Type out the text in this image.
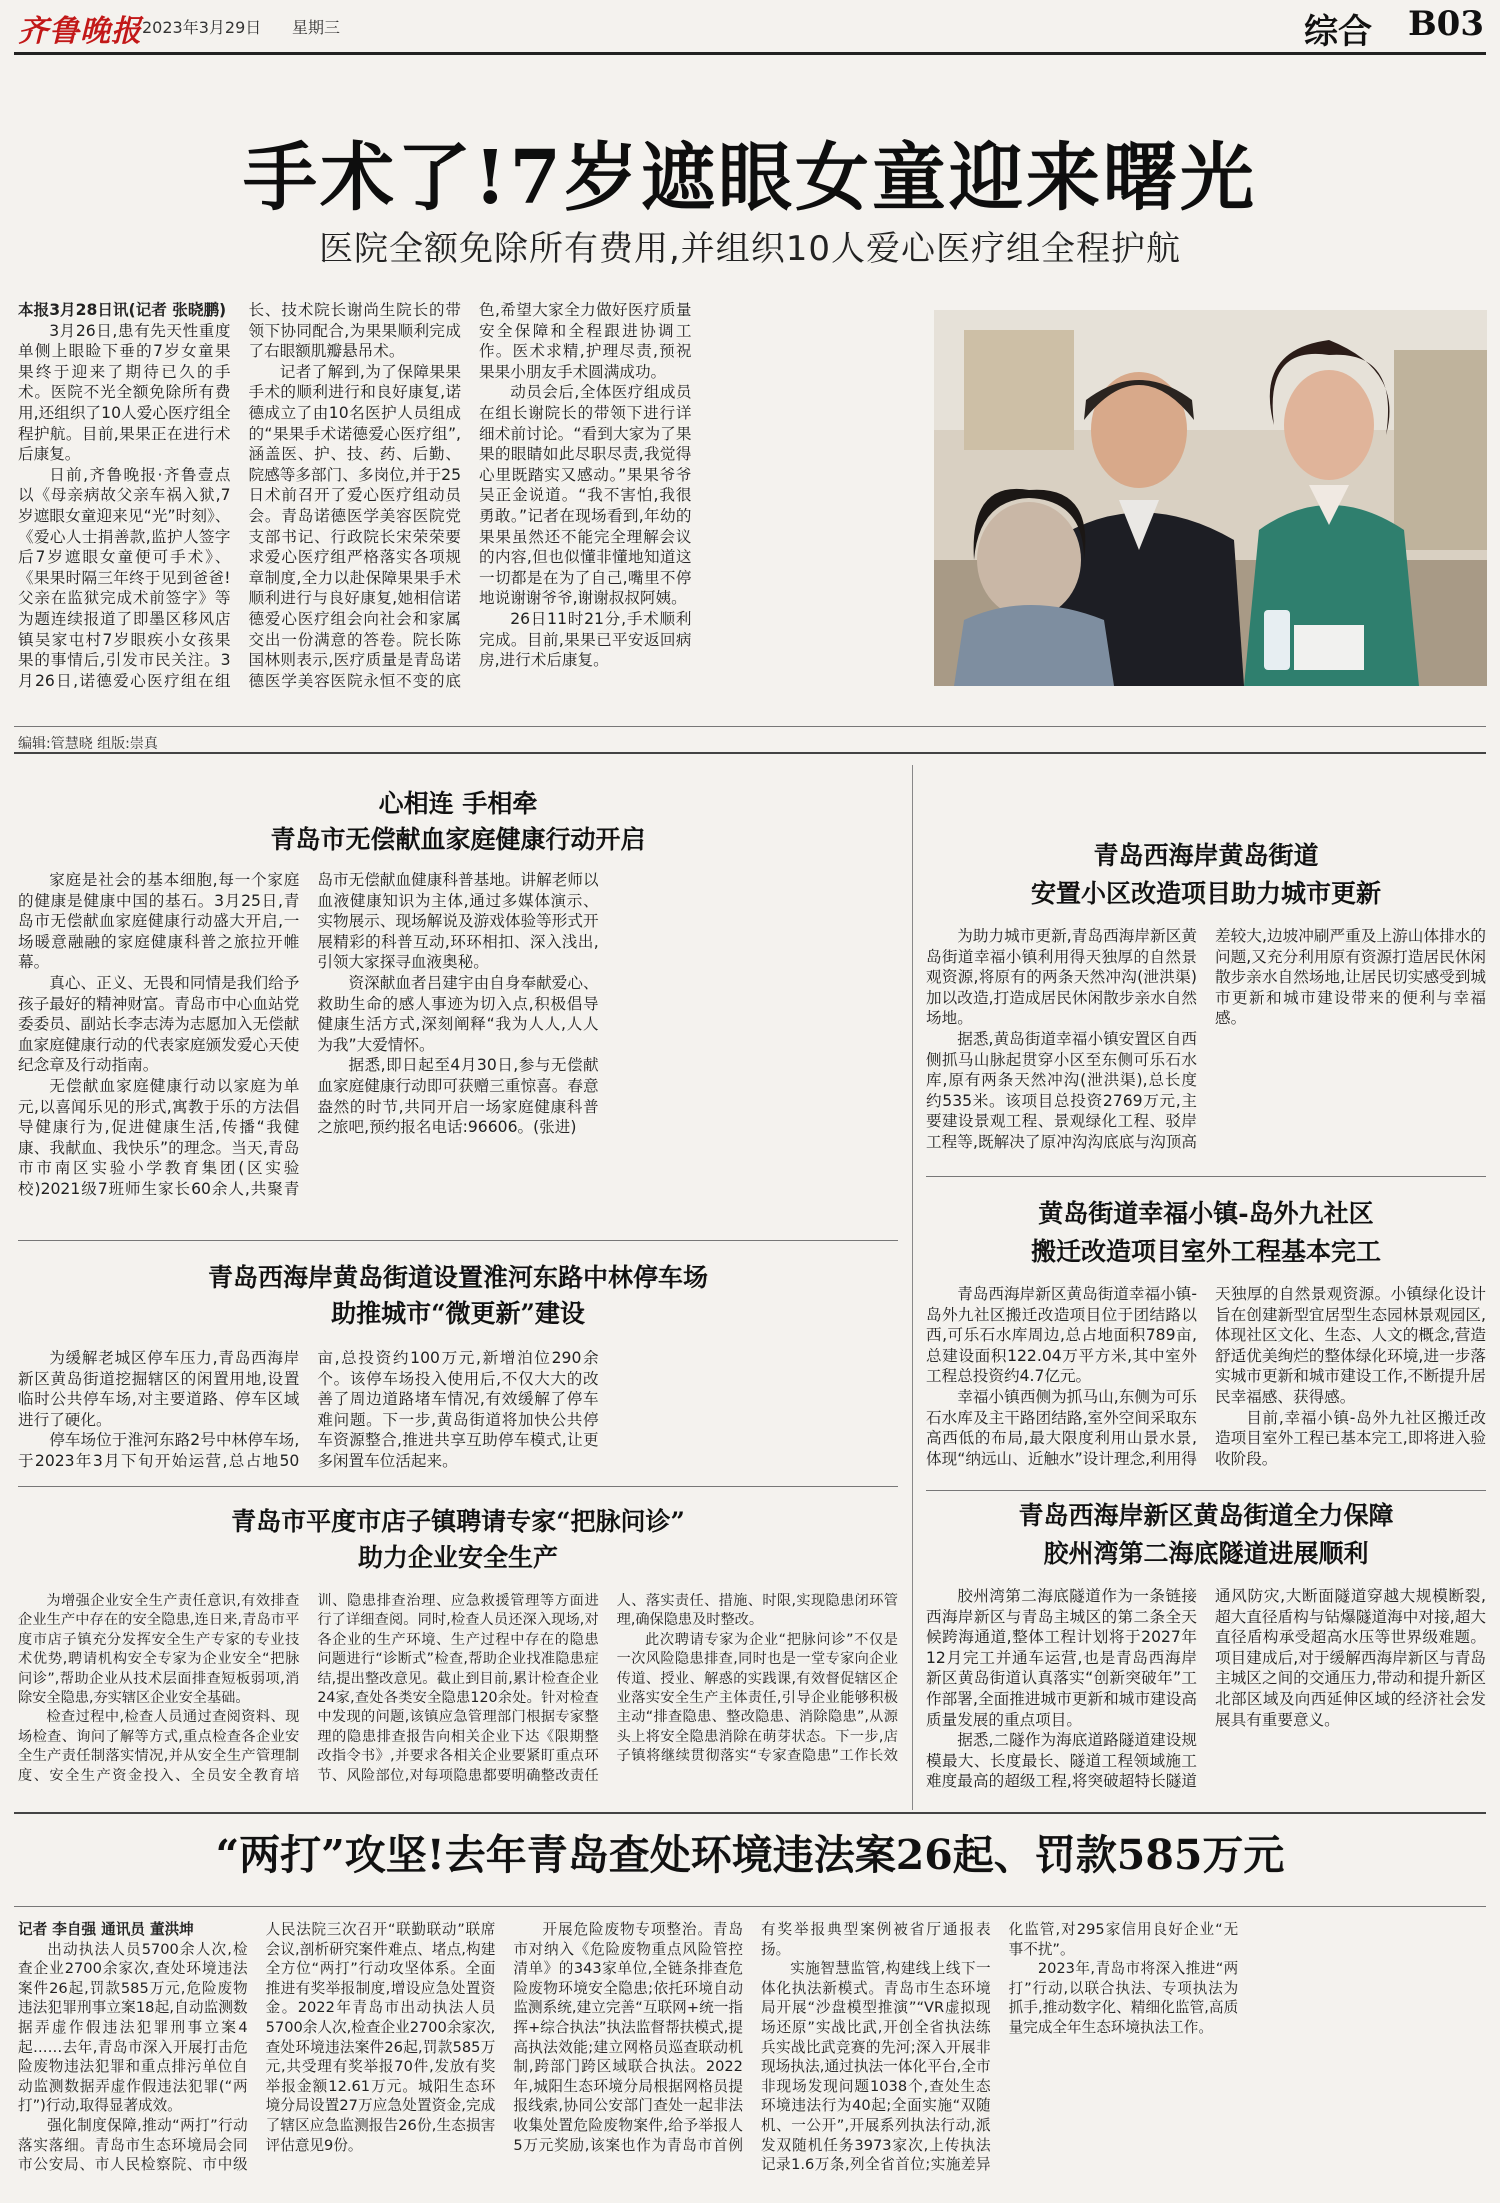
齐鲁晚报 2023年3月29日 星期三	综合 B03
手术了!7岁遮眼女童迎来曙光
医院全额免除所有费用,并组织10人爱心医疗组全程护航

本报3月28日讯(记者 张晓鹏)

3月26日,患有先天性重度单侧上眼睑下垂的7岁女童果果终于迎来了期待已久的手术。医院不光全额免除所有费用,还组织了10人爱心医疗组全程护航。目前,果果正在进行术后康复。

日前,齐鲁晚报·齐鲁壹点以《母亲病故父亲车祸入狱,7岁遮眼女童迎来见“光”时刻》、《爱心人士捐善款,监护人签字后7岁遮眼女童便可手术》、《果果时隔三年终于见到爸爸!父亲在监狱完成术前签字》等为题连续报道了即墨区移风店镇吴家屯村7岁眼疾小女孩果果的事情后,引发市民关注。3月26日,诺德爱心医疗组在组长、技术院长谢尚生院长的带领下协同配合,为果果顺利完成了右眼额肌瓣悬吊术。

记者了解到,为了保障果果手术的顺利进行和良好康复,诺德成立了由10名医护人员组成的“果果手术诺德爱心医疗组”,涵盖医、护、技、药、后勤、院感等多部门、多岗位,并于25日术前召开了爱心医疗组动员会。青岛诺德医学美容医院党支部书记、行政院长宋荣荣要求爱心医疗组严格落实各项规章制度,全力以赴保障果果手术顺利进行与良好康复,她相信诺德爱心医疗组会向社会和家属交出一份满意的答卷。院长陈国林则表示,医疗质量是青岛诺德医学美容医院永恒不变的底色,希望大家全力做好医疗质量安全保障和全程跟进协调工作。医术求精,护理尽责,预祝果果小朋友手术圆满成功。

动员会后,全体医疗组成员在组长谢院长的带领下进行详细术前讨论。“看到大家为了果果的眼睛如此尽职尽责,我觉得心里既踏实又感动。”果果爷爷吴正金说道。“我不害怕,我很勇敢。”记者在现场看到,年幼的果果虽然还不能完全理解会议的内容,但也似懂非懂地知道这一切都是在为了自己,嘴里不停地说谢谢爷爷,谢谢叔叔阿姨。

26日11时21分,手术顺利完成。目前,果果已平安返回病房,进行术后康复。

编辑:管慧晓 组版:崇真
心相连 手相牵
青岛市无偿献血家庭健康行动开启

家庭是社会的基本细胞,每一个家庭的健康是健康中国的基石。3月25日,青岛市无偿献血家庭健康行动盛大开启,一场暖意融融的家庭健康科普之旅拉开帷幕。

真心、正义、无畏和同情是我们给予孩子最好的精神财富。青岛市中心血站党委委员、副站长李志涛为志愿加入无偿献血家庭健康行动的代表家庭颁发爱心天使纪念章及行动指南。

无偿献血家庭健康行动以家庭为单元,以喜闻乐见的形式,寓教于乐的方法倡导健康行为,促进健康生活,传播“我健康、我献血、我快乐”的理念。当天,青岛市市南区实验小学教育集团(区实验校)2021级7班师生家长60余人,共聚青岛市无偿献血健康科普基地。讲解老师以血液健康知识为主体,通过多媒体演示、实物展示、现场解说及游戏体验等形式开展精彩的科普互动,环环相扣、深入浅出,引领大家探寻血液奥秘。

资深献血者吕建宇由自身奉献爱心、救助生命的感人事迹为切入点,积极倡导健康生活方式,深刻阐释“我为人人,人人为我”大爱情怀。

据悉,即日起至4月30日,参与无偿献血家庭健康行动即可获赠三重惊喜。春意盎然的时节,共同开启一场家庭健康科普之旅吧,预约报名电话:96606。(张进)

青岛西海岸黄岛街道设置淮河东路中林停车场
助推城市“微更新”建设

为缓解老城区停车压力,青岛西海岸新区黄岛街道挖掘辖区的闲置用地,设置临时公共停车场,对主要道路、停车区域进行了硬化。

停车场位于淮河东路2号中林停车场,于2023年3月下旬开始运营,总占地50亩,总投资约100万元,新增泊位290余个。该停车场投入使用后,不仅大大的改善了周边道路堵车情况,有效缓解了停车难问题。下一步,黄岛街道将加快公共停车资源整合,推进共享互助停车模式,让更多闲置车位活起来。

青岛市平度市店子镇聘请专家“把脉问诊”
助力企业安全生产

为增强企业安全生产责任意识,有效排查企业生产中存在的安全隐患,连日来,青岛市平度市店子镇充分发挥安全生产专家的专业技术优势,聘请机构安全专家为企业安全“把脉问诊”,帮助企业从技术层面排查短板弱项,消除安全隐患,夯实辖区企业安全基础。

检查过程中,检查人员通过查阅资料、现场检查、询问了解等方式,重点检查各企业安全生产责任制落实情况,并从安全生产管理制度、安全生产资金投入、全员安全教育培训、隐患排查治理、应急救援管理等方面进行了详细查阅。同时,检查人员还深入现场,对各企业的生产环境、生产过程中存在的隐患问题进行“诊断式”检查,帮助企业找准隐患症结,提出整改意见。截止到目前,累计检查企业24家,查处各类安全隐患120余处。针对检查中发现的问题,该镇应急管理部门根据专家整理的隐患排查报告向相关企业下达《限期整改指令书》,并要求各相关企业要紧盯重点环节、风险部位,对每项隐患都要明确整改责任人、落实责任、措施、时限,实现隐患闭环管理,确保隐患及时整改。

此次聘请专家为企业“把脉问诊”不仅是一次风险隐患排查,同时也是一堂专家向企业传道、授业、解惑的实践课,有效督促辖区企业落实安全生产主体责任,引导企业能够积极主动“排查隐患、整改隐患、消除隐患”,从源头上将安全隐患消除在萌芽状态。下一步,店子镇将继续贯彻落实“专家查隐患”工作长效

青岛西海岸黄岛街道
安置小区改造项目助力城市更新

为助力城市更新,青岛西海岸新区黄岛街道幸福小镇利用得天独厚的自然景观资源,将原有的两条天然冲沟(泄洪渠)加以改造,打造成居民休闲散步亲水自然场地。

据悉,黄岛街道幸福小镇安置区自西侧抓马山脉起贯穿小区至东侧可乐石水库,原有两条天然冲沟(泄洪渠),总长度约535米。该项目总投资2769万元,主要建设景观工程、景观绿化工程、驳岸工程等,既解决了原冲沟沟底底与沟顶高差较大,边坡冲刷严重及上游山体排水的问题,又充分利用原有资源打造居民休闲散步亲水自然场地,让居民切实感受到城市更新和城市建设带来的便利与幸福感。

黄岛街道幸福小镇-岛外九社区
搬迁改造项目室外工程基本完工

青岛西海岸新区黄岛街道幸福小镇-岛外九社区搬迁改造项目位于团结路以西,可乐石水库周边,总占地面积789亩,总建设面积122.04万平方米,其中室外工程总投资约4.7亿元。

幸福小镇西侧为抓马山,东侧为可乐石水库及主干路团结路,室外空间采取东高西低的布局,最大限度利用山景水景,体现“纳远山、近触水”设计理念,利用得天独厚的自然景观资源。小镇绿化设计旨在创建新型宜居型生态园林景观园区,体现社区文化、生态、人文的概念,营造舒适优美绚烂的整体绿化环境,进一步落实城市更新和城市建设工作,不断提升居民幸福感、获得感。

目前,幸福小镇-岛外九社区搬迁改造项目室外工程已基本完工,即将进入验收阶段。

青岛西海岸新区黄岛街道全力保障
胶州湾第二海底隧道进展顺利

胶州湾第二海底隧道作为一条链接西海岸新区与青岛主城区的第二条全天候跨海通道,整体工程计划将于2027年12月完工并通车运营,也是青岛西海岸新区黄岛街道认真落实“创新突破年”工作部署,全面推进城市更新和城市建设高质量发展的重点项目。

据悉,二隧作为海底道路隧道建设规模最大、长度最长、隧道工程领域施工难度最高的超级工程,将突破超特长隧道通风防灾,大断面隧道穿越大规模断裂,超大直径盾构与钻爆隧道海中对接,超大直径盾构承受超高水压等世界级难题。项目建成后,对于缓解西海岸新区与青岛主城区之间的交通压力,带动和提升新区北部区域及向西延伸区域的经济社会发展具有重要意义。

“两打”攻坚!去年青岛查处环境违法案26起、罚款585万元

记者 李自强 通讯员 董洪坤

出动执法人员5700余人次,检查企业2700余家次,查处环境违法案件26起,罚款585万元,危险废物违法犯罪刑事立案18起,自动监测数据弄虚作假违法犯罪刑事立案4起……去年,青岛市深入开展打击危险废物违法犯罪和重点排污单位自动监测数据弄虚作假违法犯罪(“两打”)行动,取得显著成效。

强化制度保障,推动“两打”行动落实落细。青岛市生态环境局会同市公安局、市人民检察院、市中级人民法院三次召开“联勤联动”联席会议,剖析研究案件难点、堵点,构建全方位“两打”行动攻坚体系。全面推进有奖举报制度,增设应急处置资金。2022年青岛市出动执法人员5700余人次,检查企业2700余家次,查处环境违法案件26起,罚款585万元,共受理有奖举报70件,发放有奖举报金额12.61万元。城阳生态环境分局设置27万应急处置资金,完成了辖区应急监测报告26份,生态损害评估意见9份。

开展危险废物专项整治。青岛市对纳入《危险废物重点风险管控清单》的343家单位,全链条排查危险废物环境安全隐患;依托环境自动监测系统,建立完善“互联网+统一指挥+综合执法”执法监督帮扶模式,提高执法效能;建立网格员巡查联动机制,跨部门跨区域联合执法。2022年,城阳生态环境分局根据网格员提报线索,协同公安部门查处一起非法收集处置危险废物案件,给予举报人5万元奖励,该案也作为青岛市首例有奖举报典型案例被省厅通报表扬。

实施智慧监管,构建线上线下一体化执法新模式。青岛市生态环境局开展“沙盘模型推演”“VR虚拟现场还原”实战比武,开创全省执法练兵实战比武竞赛的先河;深入开展非现场执法,通过执法一体化平台,全市非现场发现问题1038个,查处生态环境违法行为40起;全面实施“双随机、一公开”,开展系列执法行动,派发双随机任务3973家次,上传执法记录1.6万条,列全省首位;实施差异化监管,对295家信用良好企业“无事不扰”。

2023年,青岛市将深入推进“两打”行动,以联合执法、专项执法为抓手,推动数字化、精细化监管,高质量完成全年生态环境执法工作。
